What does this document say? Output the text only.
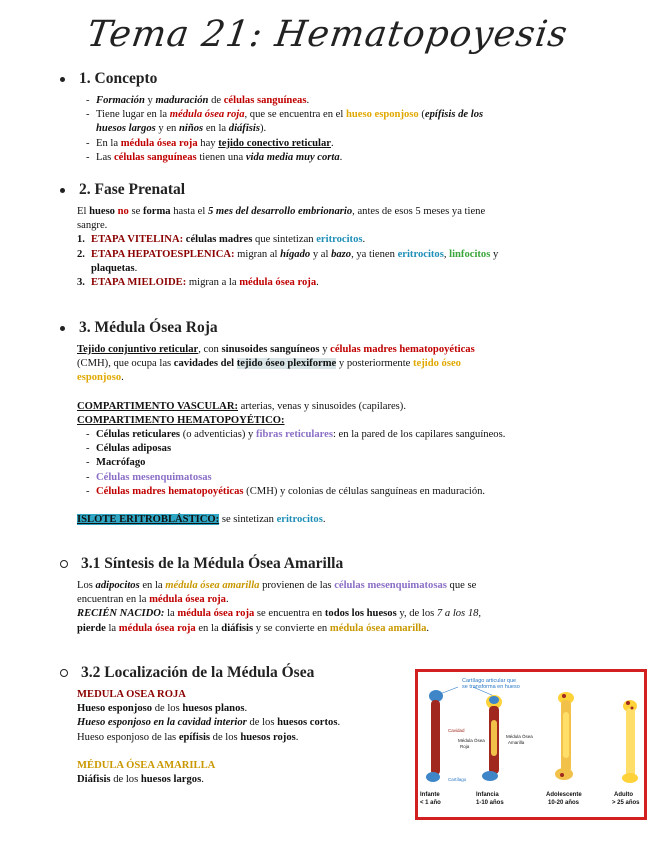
Tema 21: Hematopoyesis
1. Concepto
- Formación y maduración de células sanguíneas.
- Tiene lugar en la médula ósea roja, que se encuentra en el hueso esponjoso (epífisis de los
huesos largos y en niños en la diáfisis).
- En la médula ósea roja hay tejido conectivo reticular.
- Las células sanguíneas tienen una vida media muy corta.
2. Fase Prenatal
El hueso no se forma hasta el 5 mes del desarrollo embrionario, antes de esos 5 meses ya tiene
sangre.
1. ETAPA VITELINA: células madres que sintetizan eritrocitos.
2. ETAPA HEPATOESPLENICA: migran al hígado y al bazo, ya tienen eritrocitos, linfocitos y
plaquetas.
3. ETAPA MIELOIDE: migran a la médula ósea roja.
3. Médula Ósea Roja
Tejido conjuntivo reticular, con sinusoides sanguíneos y células madres hematopoyéticas
(CMH), que ocupa las cavidades del tejido óseo plexiforme y posteriormente tejido óseo
esponjoso.
COMPARTIMENTO VASCULAR: arterias, venas y sinusoides (capilares).
COMPARTIMENTO HEMATOPOYÉTICO:
- Células reticulares (o adventicias) y fibras reticulares: en la pared de los capilares sanguíneos.
- Células adiposas
- Macrófago
- Células mesenquimatosas
- Células madres hematopoyéticas (CMH) y colonias de células sanguíneas en maduración.
ISLOTE ERITROBLÁSTICO: se sintetizan eritrocitos.
3.1 Síntesis de la Médula Ósea Amarilla
Los adipocitos en la médula ósea amarilla provienen de las células mesenquimatosas que se
encuentran en la médula ósea roja.
RECIÉN NACIDO: la médula ósea roja se encuentra en todos los huesos y, de los 7 a los 18,
pierde la médula ósea roja en la diáfisis y se convierte en médula ósea amarilla.
3.2 Localización de la Médula Ósea
MEDULA OSEA ROJA
Hueso esponjoso de los huesos planos.
Hueso esponjoso en la cavidad interior de los huesos cortos.
Hueso esponjoso de las epífisis de los huesos rojos.
MÉDULA ÓSEA AMARILLA
Diáfisis de los huesos largos.
Cartílago articular que se transforma en hueso
Cavidad
Médula Ósea Roja
Médula Ósea Amarilla
Cartílago
Infante < 1 año Infancia 1-10 años Adolescente 10-20 años Adulto > 25 años
